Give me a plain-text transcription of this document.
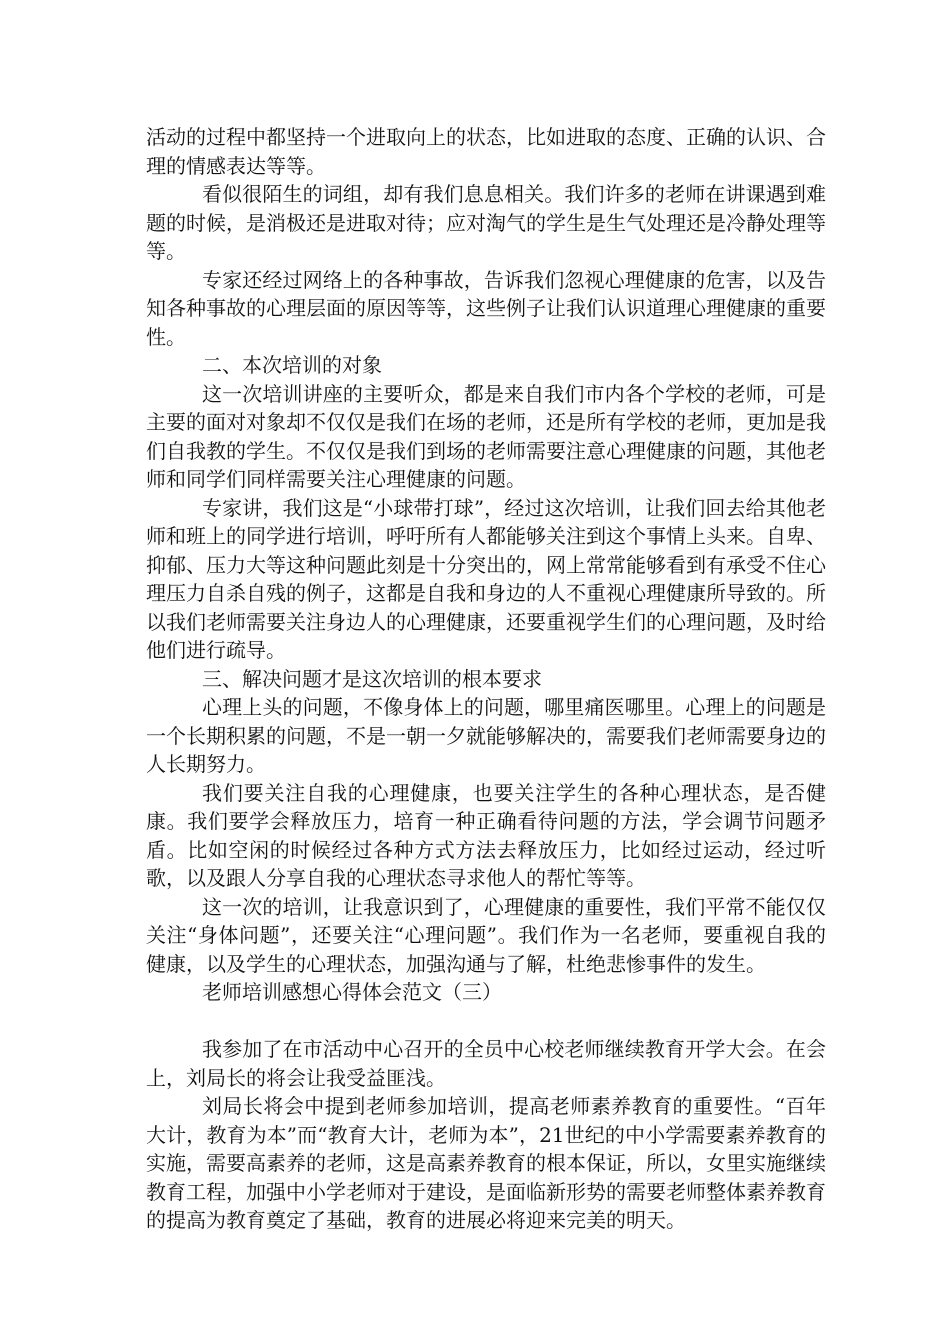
活动的过程中都坚持一个进取向上的状态，比如进取的态度、正确的认识、合理的情感表达等等。

看似很陌生的词组，却有我们息息相关。我们许多的老师在讲课遇到难题的时候，是消极还是进取对待；应对淘气的学生是生气处理还是冷静处理等等。

专家还经过网络上的各种事故，告诉我们忽视心理健康的危害，以及告知各种事故的心理层面的原因等等，这些例子让我们认识道理心理健康的重要性。

二、本次培训的对象

这一次培训讲座的主要听众，都是来自我们市内各个学校的老师，可是主要的面对对象却不仅仅是我们在场的老师，还是所有学校的老师，更加是我们自我教的学生。不仅仅是我们到场的老师需要注意心理健康的问题，其他老师和同学们同样需要关注心理健康的问题。

专家讲，我们这是“小球带打球”，经过这次培训，让我们回去给其他老师和班上的同学进行培训，呼吁所有人都能够关注到这个事情上头来。自卑、抑郁、压力大等这种问题此刻是十分突出的，网上常常能够看到有承受不住心理压力自杀自残的例子，这都是自我和身边的人不重视心理健康所导致的。所以我们老师需要关注身边人的心理健康，还要重视学生们的心理问题，及时给他们进行疏导。

三、解决问题才是这次培训的根本要求

心理上头的问题，不像身体上的问题，哪里痛医哪里。心理上的问题是一个长期积累的问题，不是一朝一夕就能够解决的，需要我们老师需要身边的人长期努力。

我们要关注自我的心理健康，也要关注学生的各种心理状态，是否健康。我们要学会释放压力，培育一种正确看待问题的方法，学会调节问题矛盾。比如空闲的时候经过各种方式方法去释放压力，比如经过运动，经过听歌，以及跟人分享自我的心理状态寻求他人的帮忙等等。

这一次的培训，让我意识到了，心理健康的重要性，我们平常不能仅仅关注“身体问题”，还要关注“心理问题”。我们作为一名老师，要重视自我的健康，以及学生的心理状态，加强沟通与了解，杜绝悲惨事件的发生。

老师培训感想心得体会范文（三）

我参加了在市活动中心召开的全员中心校老师继续教育开学大会。在会上，刘局长的将会让我受益匪浅。

刘局长将会中提到老师参加培训，提高老师素养教育的重要性。“百年大计，教育为本”而“教育大计，老师为本”，21世纪的中小学需要素养教育的实施，需要高素养的老师，这是高素养教育的根本保证，所以，女里实施继续教育工程，加强中小学老师对于建设，是面临新形势的需要老师整体素养教育的提高为教育奠定了基础，教育的进展必将迎来完美的明天。
